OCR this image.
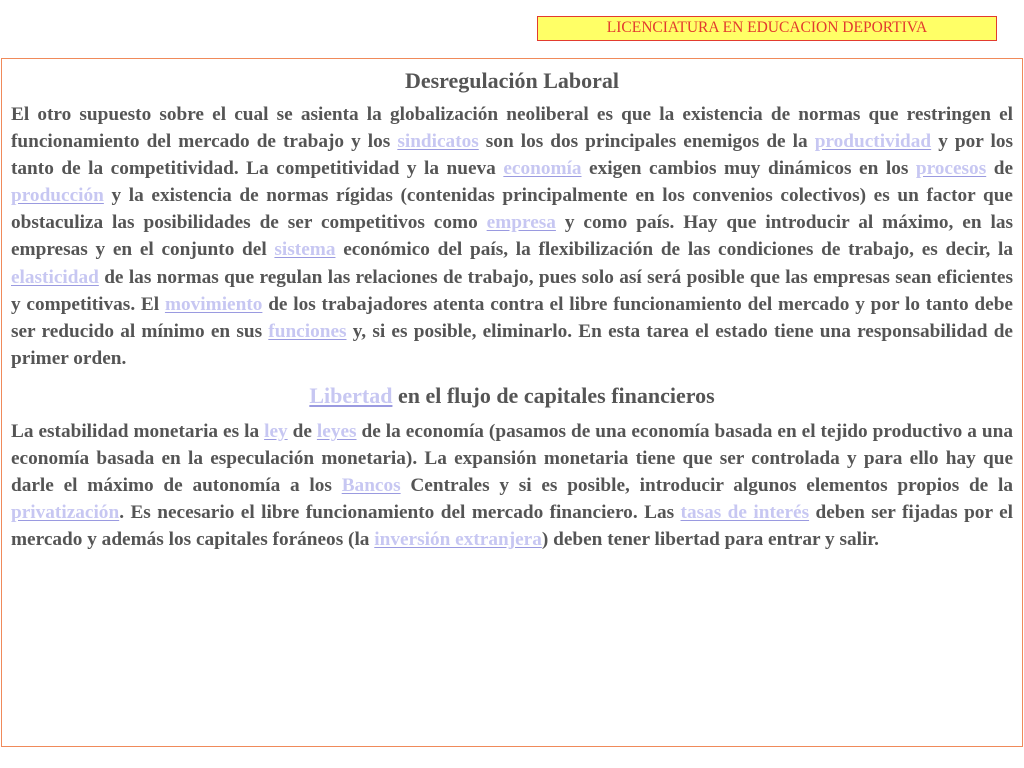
LICENCIATURA EN EDUCACION DEPORTIVA
Desregulación Laboral

El otro supuesto sobre el cual se asienta la globalización neoliberal es que la existencia de normas que restringen el funcionamiento del mercado de trabajo y los sindicatos son los dos principales enemigos de la productividad y por los tanto de la competitividad. La competitividad y la nueva economía exigen cambios muy dinámicos en los procesos de producción y la existencia de normas rígidas (contenidas principalmente en los convenios colectivos) es un factor que obstaculiza las posibilidades de ser competitivos como empresa y como país. Hay que introducir al máximo, en las empresas y en el conjunto del sistema económico del país, la flexibilización de las condiciones de trabajo, es decir, la elasticidad de las normas que regulan las relaciones de trabajo, pues solo así será posible que las empresas sean eficientes y competitivas. El movimiento de los trabajadores atenta contra el libre funcionamiento del mercado y por lo tanto debe ser reducido al mínimo en sus funciones y, si es posible, eliminarlo. En esta tarea el estado tiene una responsabilidad de primer orden.

Libertad en el flujo de capitales financieros

La estabilidad monetaria es la ley de leyes de la economía (pasamos de una economía basada en el tejido productivo a una economía basada en la especulación monetaria). La expansión monetaria tiene que ser controlada y para ello hay que darle el máximo de autonomía a los Bancos Centrales y si es posible, introducir algunos elementos propios de la privatización. Es necesario el libre funcionamiento del mercado financiero. Las tasas de interés deben ser fijadas por el mercado y además los capitales foráneos (la inversión extranjera) deben tener libertad para entrar y salir.
